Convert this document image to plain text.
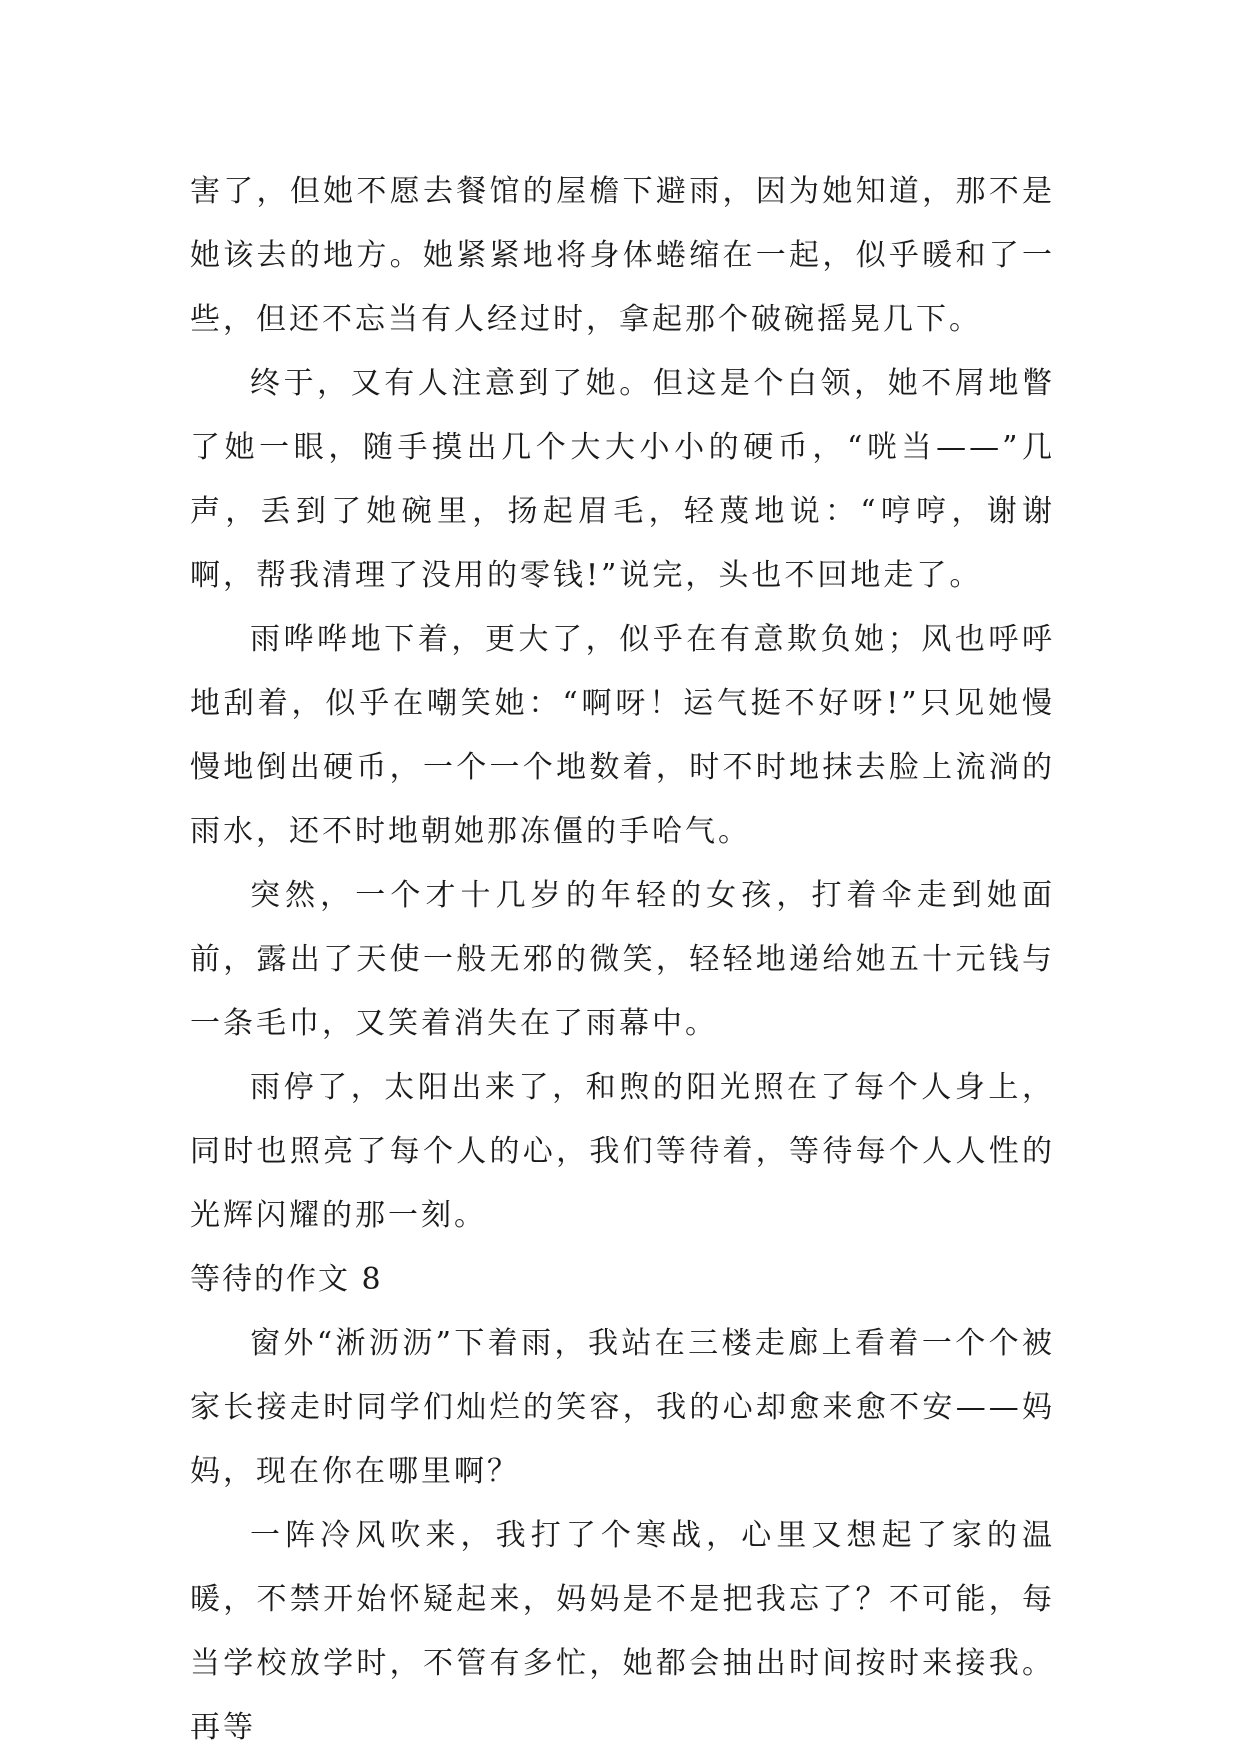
害了，但她不愿去餐馆的屋檐下避雨，因为她知道，那不是她该去的地方。她紧紧地将身体蜷缩在一起，似乎暖和了一些，但还不忘当有人经过时，拿起那个破碗摇晃几下。

终于，又有人注意到了她。但这是个白领，她不屑地瞥了她一眼，随手摸出几个大大小小的硬币，“咣当——”几声，丢到了她碗里，扬起眉毛，轻蔑地说：“哼哼，谢谢啊，帮我清理了没用的零钱!”说完，头也不回地走了。

雨哗哗地下着，更大了，似乎在有意欺负她；风也呼呼地刮着，似乎在嘲笑她：“啊呀！运气挺不好呀!”只见她慢慢地倒出硬币，一个一个地数着，时不时地抹去脸上流淌的雨水，还不时地朝她那冻僵的手哈气。

突然，一个才十几岁的年轻的女孩，打着伞走到她面前，露出了天使一般无邪的微笑，轻轻地递给她五十元钱与一条毛巾，又笑着消失在了雨幕中。

雨停了，太阳出来了，和煦的阳光照在了每个人身上，同时也照亮了每个人的心，我们等待着，等待每个人人性的光辉闪耀的那一刻。

等待的作文 8

窗外“淅沥沥”下着雨，我站在三楼走廊上看着一个个被家长接走时同学们灿烂的笑容，我的心却愈来愈不安——妈妈，现在你在哪里啊？

一阵冷风吹来，我打了个寒战，心里又想起了家的温暖，不禁开始怀疑起来，妈妈是不是把我忘了？不可能，每当学校放学时，不管有多忙，她都会抽出时间按时来接我。再等
